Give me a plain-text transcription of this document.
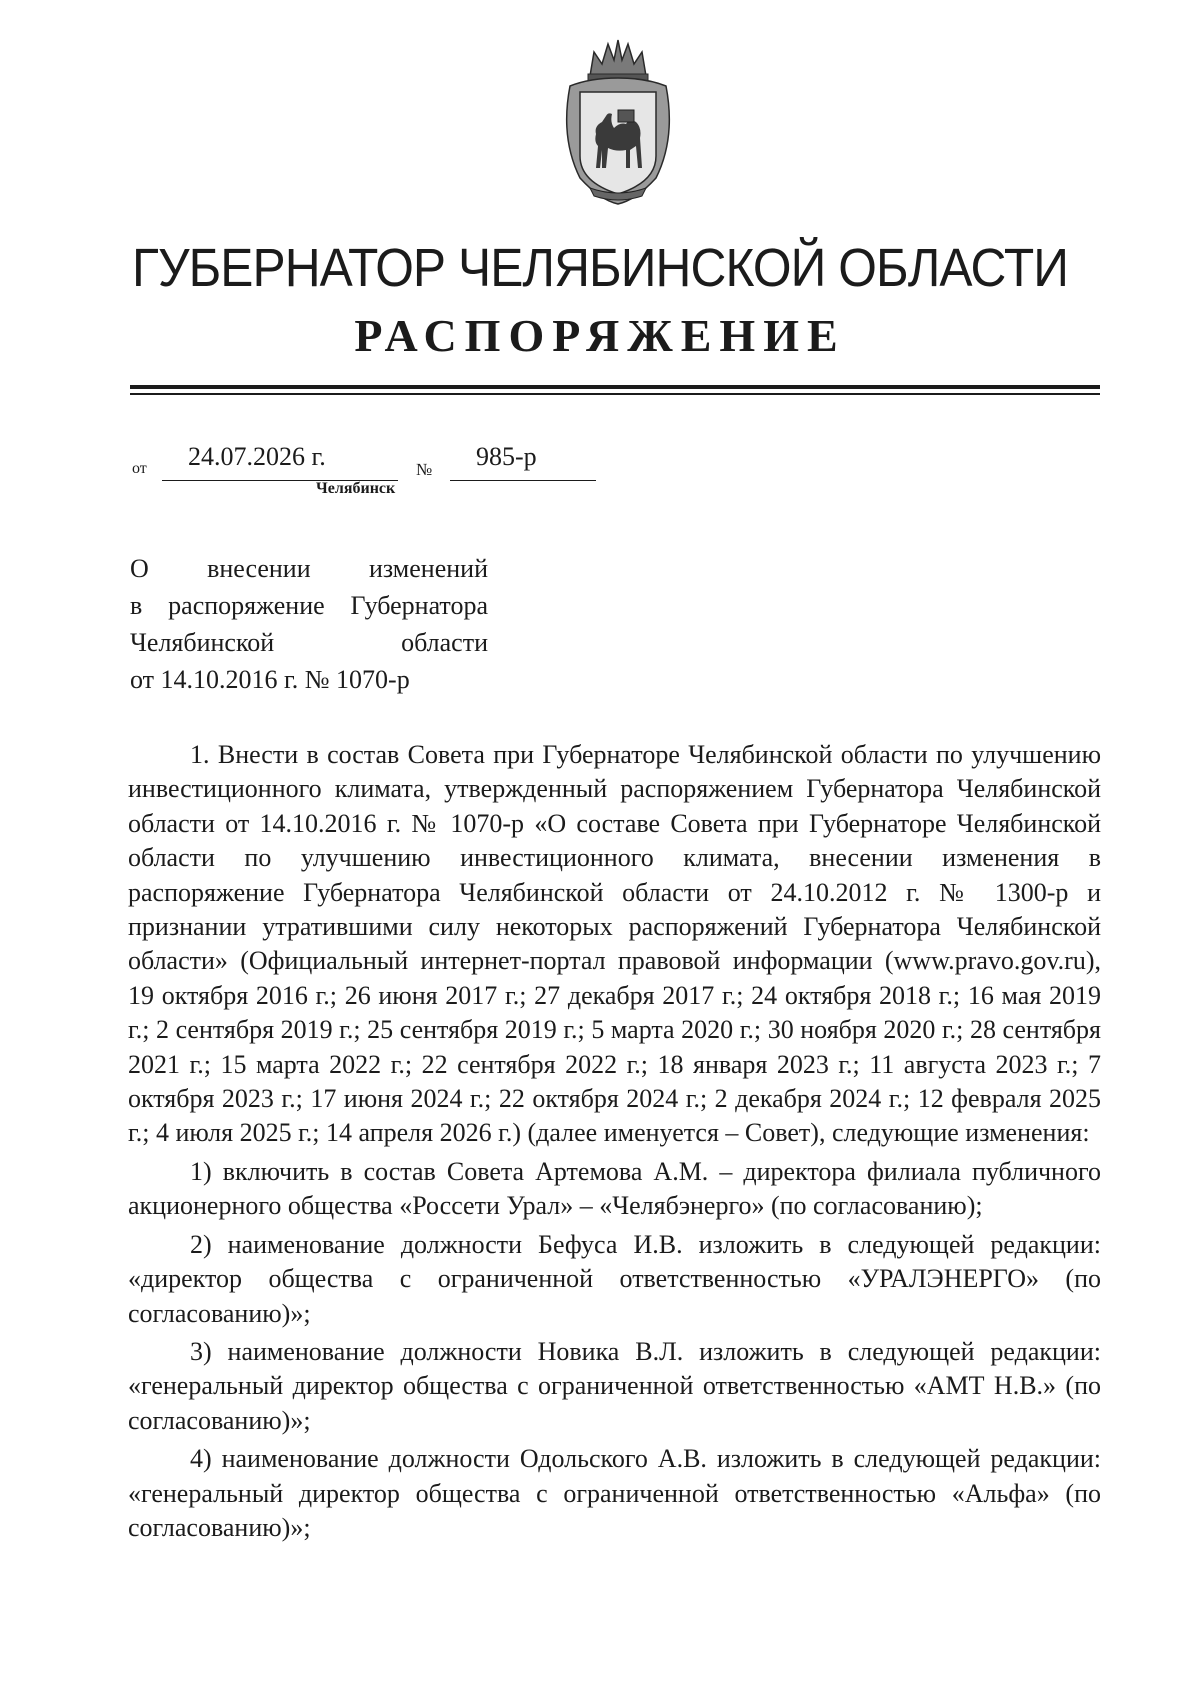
ГУБЕРНАТОР ЧЕЛЯБИНСКОЙ ОБЛАСТИ
РАСПОРЯЖЕНИЕ
от 24.07.2026 г.	№ 985-р
Челябинск
О внесении изменений
в распоряжение Губернатора
Челябинской области
от 14.10.2016 г. № 1070-р

1. Внести в состав Совета при Губернаторе Челябинской области по улучшению инвестиционного климата, утвержденный распоряжением Губернатора Челябинской области от 14.10.2016 г. № 1070-р «О составе Совета при Губернаторе Челябинской области по улучшению инвестиционного климата, внесении изменения в распоряжение Губернатора Челябинской области от 24.10.2012 г. № 1300-р и признании утратившими силу некоторых распоряжений Губернатора Челябинской области» (Официальный интернет-портал правовой информации (www.pravo.gov.ru), 19 октября 2016 г.; 26 июня 2017 г.; 27 декабря 2017 г.; 24 октября 2018 г.; 16 мая 2019 г.; 2 сентября 2019 г.; 25 сентября 2019 г.; 5 марта 2020 г.; 30 ноября 2020 г.; 28 сентября 2021 г.; 15 марта 2022 г.; 22 сентября 2022 г.; 18 января 2023 г.; 11 августа 2023 г.; 7 октября 2023 г.; 17 июня 2024 г.; 22 октября 2024 г.; 2 декабря 2024 г.; 12 февраля 2025 г.; 4 июля 2025 г.; 14 апреля 2026 г.) (далее именуется – Совет), следующие изменения:

1) включить в состав Совета Артемова А.М. – директора филиала публичного акционерного общества «Россети Урал» – «Челябэнерго» (по согласованию);

2) наименование должности Бефуса И.В. изложить в следующей редакции: «директор общества с ограниченной ответственностью «УРАЛЭНЕРГО» (по согласованию)»;

3) наименование должности Новика В.Л. изложить в следующей редакции: «генеральный директор общества с ограниченной ответственностью «АМТ Н.В.» (по согласованию)»;

4) наименование должности Одольского А.В. изложить в следующей редакции: «генеральный директор общества с ограниченной ответственностью «Альфа» (по согласованию)»;
